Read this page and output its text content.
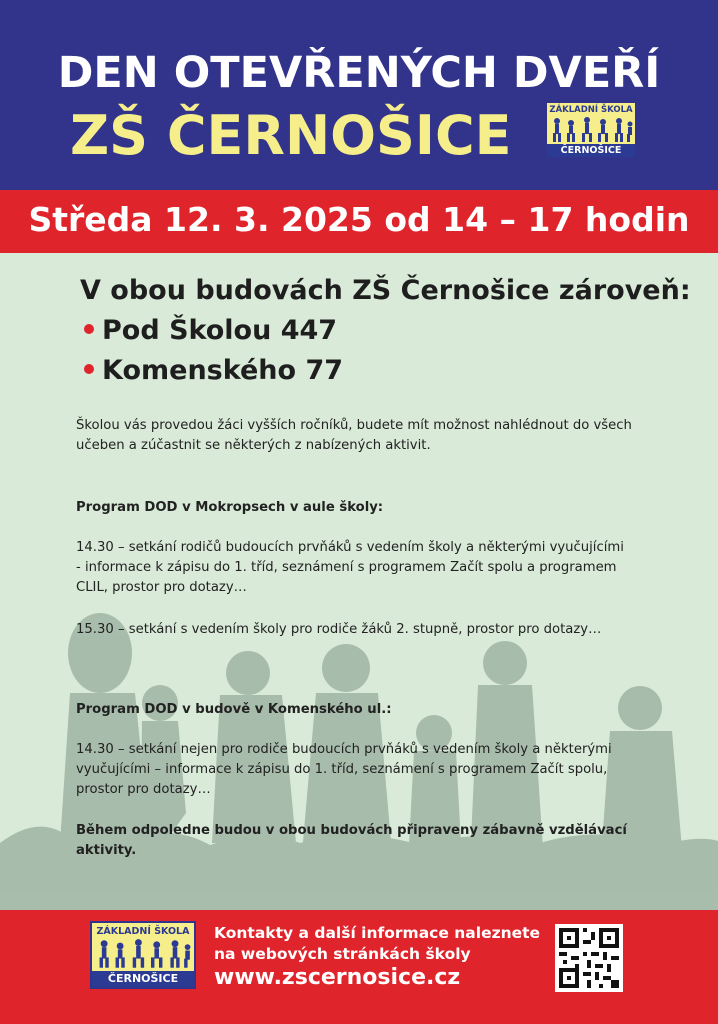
DEN OTEVŘENÝCH DVEŘÍ
ZŠ ČERNOŠICE	ZÁKLADNÍ ŠKOLA
ČERNOŠICE
Středa 12. 3. 2025 od 14 – 17 hodin
V obou budovách ZŠ Černošice zároveň:
Pod Školou 447
Komenského 77
Školou vás provedou žáci vyšších ročníků, budete mít možnost nahlédnout do všech
učeben a zúčastnit se některých z nabízených aktivit.
Program DOD v Mokropsech v aule školy:
14.30 – setkání rodičů budoucích prvňáků s vedením školy a některými vyučujícími
- informace k zápisu do 1. tříd, seznámení s programem Začít spolu a programem
CLIL, prostor pro dotazy…
15.30 – setkání s vedením školy pro rodiče žáků 2. stupně, prostor pro dotazy…
Program DOD v budově v Komenského ul.:
14.30 – setkání nejen pro rodiče budoucích prvňáků s vedením školy a některými
vyučujícími – informace k zápisu do 1. tříd, seznámení s programem Začít spolu,
prostor pro dotazy…
Během odpoledne budou v obou budovách připraveny zábavně vzdělávací aktivity.
ZÁKLADNÍ ŠKOLA
ČERNOŠICE
Kontakty a další informace naleznete
na webových stránkách školy
www.zscernosice.cz
